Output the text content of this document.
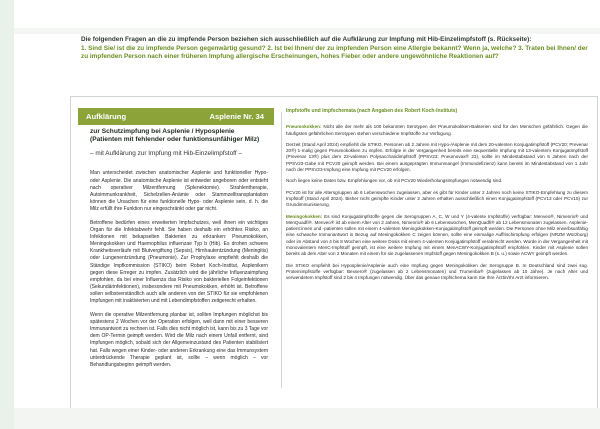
Die folgenden Fragen an die zu impfende Person beziehen sich ausschließlich auf die Aufklärung zur Impfung mit Hib-Einzelimpfstoff (s. Rückseite):
1. Sind Sie/ ist die zu impfende Person gegenwärtig gesund? 2. Ist bei Ihnen/ der zu impfenden Person eine Allergie bekannt? Wenn ja, welche? 3. Traten bei Ihnen/ der zu impfenden Person nach einer früheren Impfung allergische Erscheinungen, hohes Fieber oder andere ungewöhnliche Reaktionen auf?
Aufklärung	Asplenie Nr. 34
zur Schutzimpfung bei Asplenie / Hyposplenie
(Patienten mit fehlender oder funktionsunfähiger Milz)
– mit Aufklärung zur Impfung mit Hib-Einzelimpfstoff –

Man unterscheidet zwischen anatomischer Asplenie und funktioneller Hypo- oder Asplenie. Die anatomische Asplenie ist entweder angeboren oder entsteht nach operativer Milzentfernung (Splenektomie). Strahlentherapie, Autoimmunkrankheit, Sichelzellen-Anämie oder Stammzelltransplantation können die Ursachen für eine funktionelle Hypo- oder Asplenie sein, d. h. die Milz erfüllt ihre Funktion nur eingeschränkt oder gar nicht.

Betroffene bedürfen eines erweiterten Impfschutzes, weil ihnen ein wichtiges Organ für die Infektabwehr fehlt. Sie haben deshalb ein erhöhtes Risiko, an Infektionen mit bekapselten Bakterien zu erkranken: Pneumokokken, Meningokokken und Haemophilus influenzae Typ b (Hib). Es drohen schwere Krankheitsverläufe mit Blutvergiftung (Sepsis), Hirnhautentzündung (Meningitis) oder Lungenentzündung (Pneumonie). Zur Prophylaxe empfiehlt deshalb die Ständige Impfkommission (STIKO) beim Robert Koch-Institut, Asplenikern gegen diese Erreger zu impfen. Zusätzlich wird die jährliche Influenzaimpfung empfohlen, da bei einer Influenza das Risiko von bakteriellen Folgeinfektionen (Sekundärinfektionen), insbesondere mit Pneumokokken, erhöht ist. Betroffene sollen selbstverständlich auch alle anderen von der STIKO für sie empfohlenen Impfungen mit inaktivierten und mit Lebendimpfstoffen zeitgerecht erhalten.

Wenn die operative Milzentfernung planbar ist, sollten Impfungen möglichst bis spätestens 2 Wochen vor der Operation erfolgen, weil dann mit einer besseren Immunantwort zu rechnen ist. Falls dies nicht möglich ist, kann bis zu 3 Tage vor dem OP-Termin geimpft werden. Wird die Milz nach einem Unfall entfernt, sind Impfungen möglich, sobald sich der Allgemeinzustand des Patienten stabilisiert hat. Falls wegen einer Kinder- oder anderen Erkrankung eine das Immunsystem unterdrückende Therapie geplant ist, sollte – wenn möglich – vor Behandlungsbeginn geimpft werden.

Impfstoffe und Impfschemata (nach Angaben des Robert Koch-Instituts)

Pneumokokken: Nicht alle der mehr als 100 bekannten Serotypen der Pneumokokken-Bakterien sind für den Menschen gefährlich. Gegen die häufigsten gefährlichen Serotypen stehen verschiedene Impfstoffe zur Verfügung.

Derzeit (Stand April 2024) empfiehlt die STIKO, Personen ab 2 Jahren mit Hypo-/Asplenie mit dem 20-valenten Konjugatimpfstoff (PCV20; Prevenar 20®) 1-malig gegen Pneumokokken zu impfen. Erfolgte in der Vergangenheit bereits eine sequentielle Impfung mit 13-valentem Konjugatimpfstoff (Prevenar 13®) plus dem 23-valenten Polysaccharidimpfstoff (PPSV23; Pneumovax® 23), sollte im Mindestabstand von 6 Jahren nach der PPSV23-Gabe mit PCV20 geimpft werden. Bei einem ausgeprägten Immunmangel (Immundefizienz) kann bereits im Mindestabstand von 1 Jahr nach der PPSV23-Impfung eine Impfung mit PCV20 erfolgen.

Noch liegen keine Daten bzw. Empfehlungen vor, ob mit PCV20 Wiederholungsimpfungen notwendig sind.

PCV20 ist für alle Altersgruppen ab 6 Lebenswochen zugelassen, aber es gibt für Kinder unter 2 Jahren noch keine STIKO-Empfehlung zu diesem Impfstoff (Stand April 2024). Bisher nicht geimpfte Kinder unter 2 Jahren erhalten ausschließlich einen Konjugatimpfstoff (PCV13 oder PCV15) zur Grundimmunisierung.

Meningokokken: Es sind Konjugatimpfstoffe gegen die Serogruppen A, C, W und Y (4-valente Impfstoffe) verfügbar: Menveo®, Nimenrix® und MenQuadfi®. Menveo® ist ab einem Alter von 2 Jahren, Nimenrix® ab 6 Lebenswochen, MenQuadfi® ab 12 Lebensmonaten zugelassen. Asplenie-patient:innen und -patienten sollen mit einem 4-valenten Meningokokken-Konjugatimpfstoff geimpft werden. Die Personen ohne Milz erwerbsunfähig eine schwache Immunantwort in Bezug auf Meningokokken C zeigen können, sollte eine einmalige Auffrischimpfung erfolgen (NRZM Würzburg) oder im Abstand von 4 bis 8 Wochen eine weitere Dosis mit einem 4-valenten Konjugatimpfstoff verabreicht werden. Wurde in der Vergangenheit mit monovalentem MenC-Impfstoff geimpft, ist eine weitere Impfung mit einem MenACWY-Konjugatimpfstoff empfohlen. Kinder mit Asplenie sollen bereits ab dem Alter von 2 Monaten mit einem für sie zugelassenen Impfstoff gegen Meningokokken B (s. u.) sowie ACWY geimpft werden.

Die STIKO empfiehlt bei Hyposplenie/Asplenie auch eine Impfung gegen Meningokokken der Serogruppe B. In Deutschland sind zwei sog. Proteinimpfstoffe verfügbar: Bexsero® (zugelassen ab 2 Lebensmonaten) und Trumenba® (zugelassen ab 10 Jahre). Je nach Alter und verwendetem Impfstoff sind 2 bis 4 Impfungen notwendig. Über das genaue Impfschema kann Sie Ihre Ärztin/Ihr Arzt informieren.
